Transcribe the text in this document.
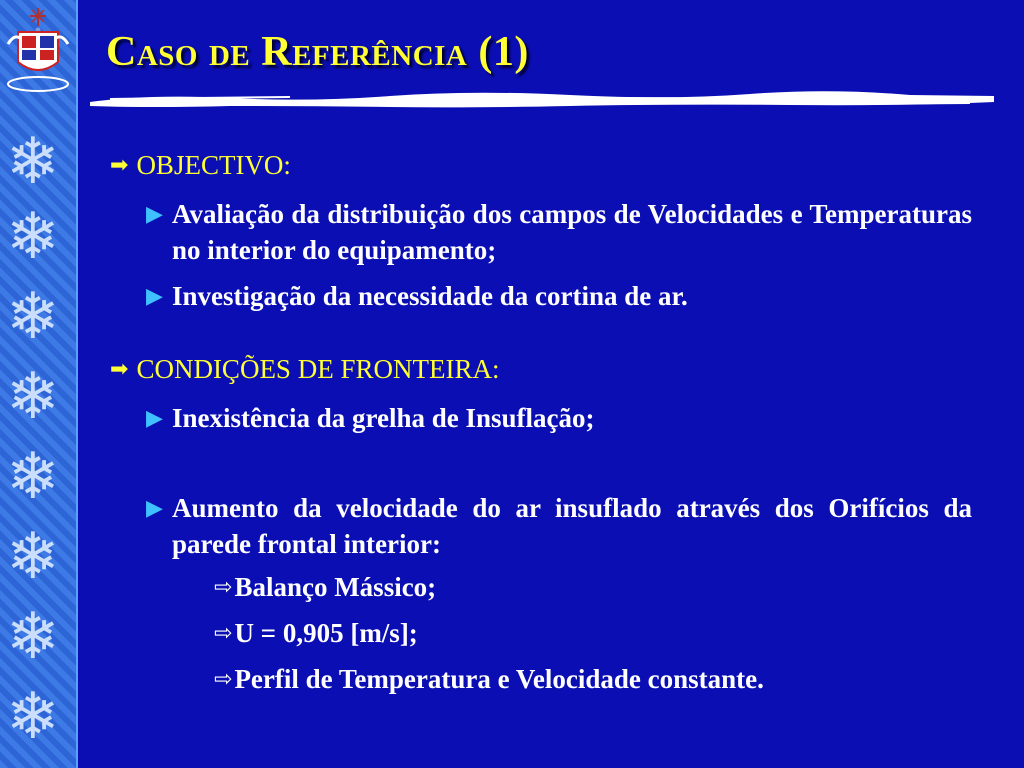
❄
❄
❄
❄
❄
❄
❄
❄
Caso de Referência (1)
➡ OBJECTIVO:
▶ Avaliação da distribuição dos campos de Velocidades e Temperaturas no interior do equipamento;
▶ Investigação da necessidade da cortina de ar.
➡ CONDIÇÕES DE FRONTEIRA:
▶ Inexistência da grelha de Insuflação;
▶ Aumento da velocidade do ar insuflado através dos Orifícios da parede frontal interior:
⇨ Balanço Mássico;
⇨ U = 0,905 [m/s];
⇨ Perfil de Temperatura e Velocidade constante.
